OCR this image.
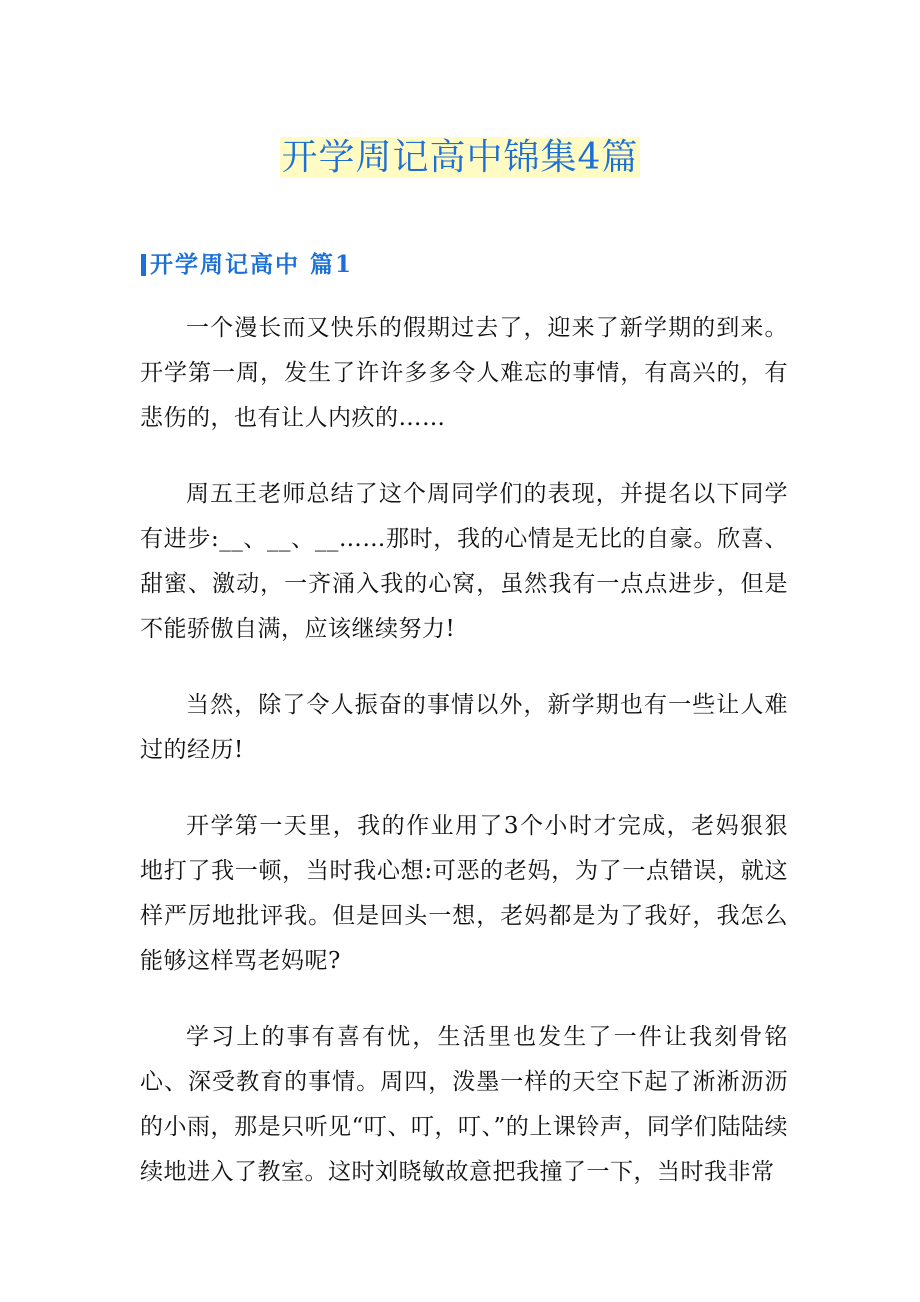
开学周记高中锦集4篇
开学周记高中 篇1

一个漫长而又快乐的假期过去了，迎来了新学期的到来。开学第一周，发生了许许多多令人难忘的事情，有高兴的，有悲伤的，也有让人内疚的……

周五王老师总结了这个周同学们的表现，并提名以下同学有进步:__、__、__……那时，我的心情是无比的自豪。欣喜、甜蜜、激动，一齐涌入我的心窝，虽然我有一点点进步，但是不能骄傲自满，应该继续努力!

当然，除了令人振奋的事情以外，新学期也有一些让人难过的经历!

开学第一天里，我的作业用了3个小时才完成，老妈狠狠地打了我一顿，当时我心想:可恶的老妈，为了一点错误，就这样严厉地批评我。但是回头一想，老妈都是为了我好，我怎么能够这样骂老妈呢?

学习上的事有喜有忧，生活里也发生了一件让我刻骨铭心、深受教育的事情。周四，泼墨一样的天空下起了淅淅沥沥的小雨，那是只听见“叮、叮，叮、”的上课铃声，同学们陆陆续续地进入了教室。这时刘晓敏故意把我撞了一下，当时我非常
